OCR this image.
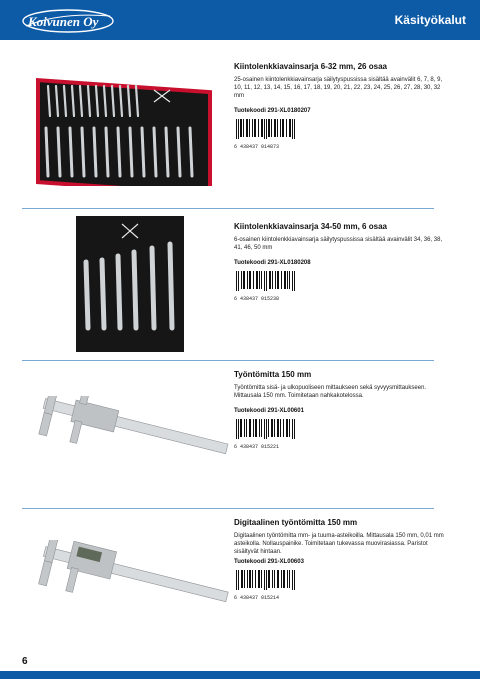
Koivunen Oy	Käsityökalut
Kiintolenkkiavainsarja 6-32 mm, 26 osaa
25-osainen kiintolenkkiavainsarja säilytyspussissa sisältää avainvälit 6, 7, 8, 9, 10, 11, 12, 13, 14, 15, 16, 17, 18, 19, 20, 21, 22, 23, 24, 25, 26, 27, 28, 30, 32 mm
Tuotekoodi 291-XL0180207
6 438437 014873
Kiintolenkkiavainsarja 34-50 mm, 6 osaa
6-osainen kiintolenkkiavainsarja säilytyspussissa sisältää avainvälit 34, 36, 38, 41, 46, 50 mm
Tuotekoodi 291-XL0180208
6 438437 015238
Työntömitta 150 mm
Työntömitta sisä- ja ulkopuoliseen mittaukseen sekä syvyysmittaukseen. Mittausala 150 mm. Toimitetaan nahkakotelossa.
Tuotekoodi 291-XL00601
6 438437 015221
Digitaalinen työntömitta 150 mm
Digitaalinen työntömitta mm- ja tuuma-asteikoilla. Mittausala 150 mm, 0,01 mm asteikolla. Nollauspainike. Toimitetaan tukevassa muovirasiassa. Paristot sisältyvät hintaan.
Tuotekoodi 291-XL00603
6 438437 015214
6
